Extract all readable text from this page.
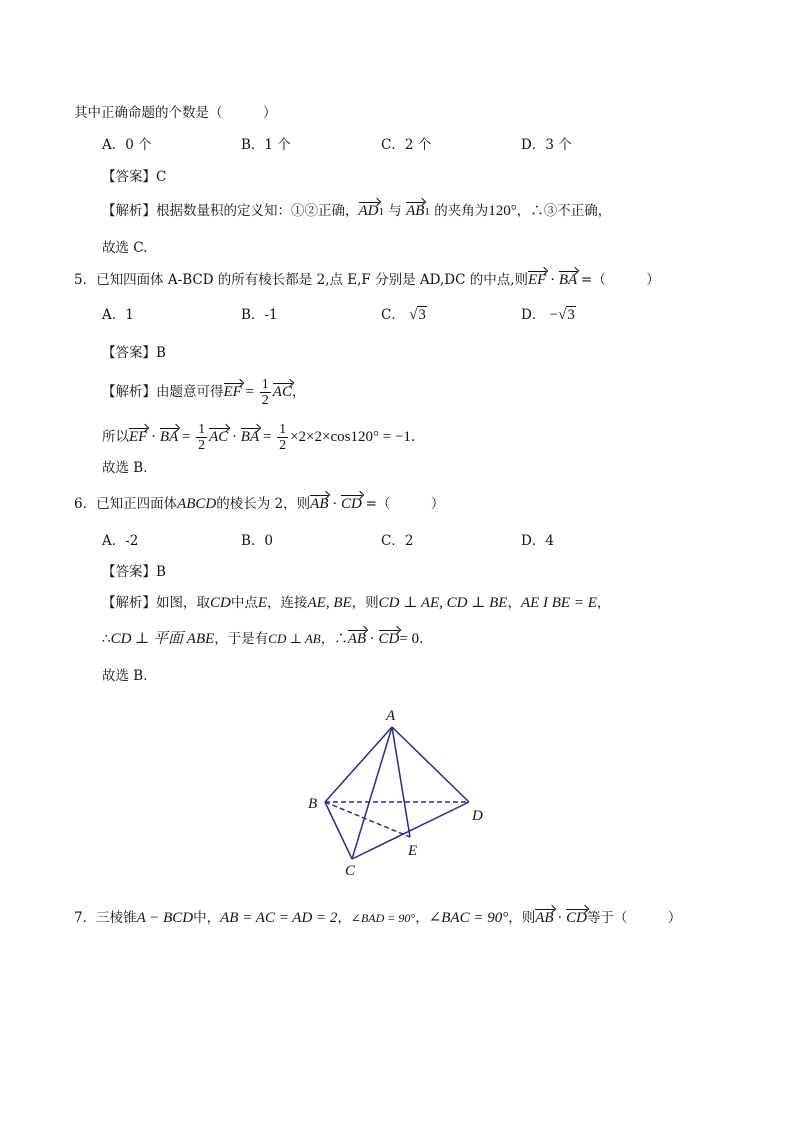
其中正确命题的个数是（　　　）
A．0 个	B．1 个	C．2 个	D．3 个
【答案】C
【解析】根据数量积的定义知：①②正确，AD1 与 AB1 的夹角为120°，∴③不正确，
故选 C.
5．已知四面体 A-BCD 的所有棱长都是 2,点 E,F 分别是 AD,DC 的中点,则EF · BA =（　　　）
A．1	B．-1	C． √3	D． −√3
【答案】B
【解析】由题意可得EF = $\frac{1}{2}$ AC，
所以EF · BA = $\frac{1}{2}$ AC · BA = $\frac{1}{2} \times 2\times 2\times\cos 120^\circ = -1$.
故选 B.
6．已知正四面体ABCD的棱长为 2，则AB · CD =（　　　）
A．-2	B．0	C．2	D．4
【答案】B
【解析】如图，取CD中点E，连接AE, BE，则CD ⊥ AE, CD ⊥ BE，AE I BE = E，
∴CD ⊥ 平面 ABE，于是有CD ⊥ AB，∴AB · CD= 0.
故选 B.
A
B
C
D
E
7．三棱锥A − BCD中，AB = AC = AD = 2，∠BAD = 90°，∠BAC = 90°，则AB · CD等于（　　　）
